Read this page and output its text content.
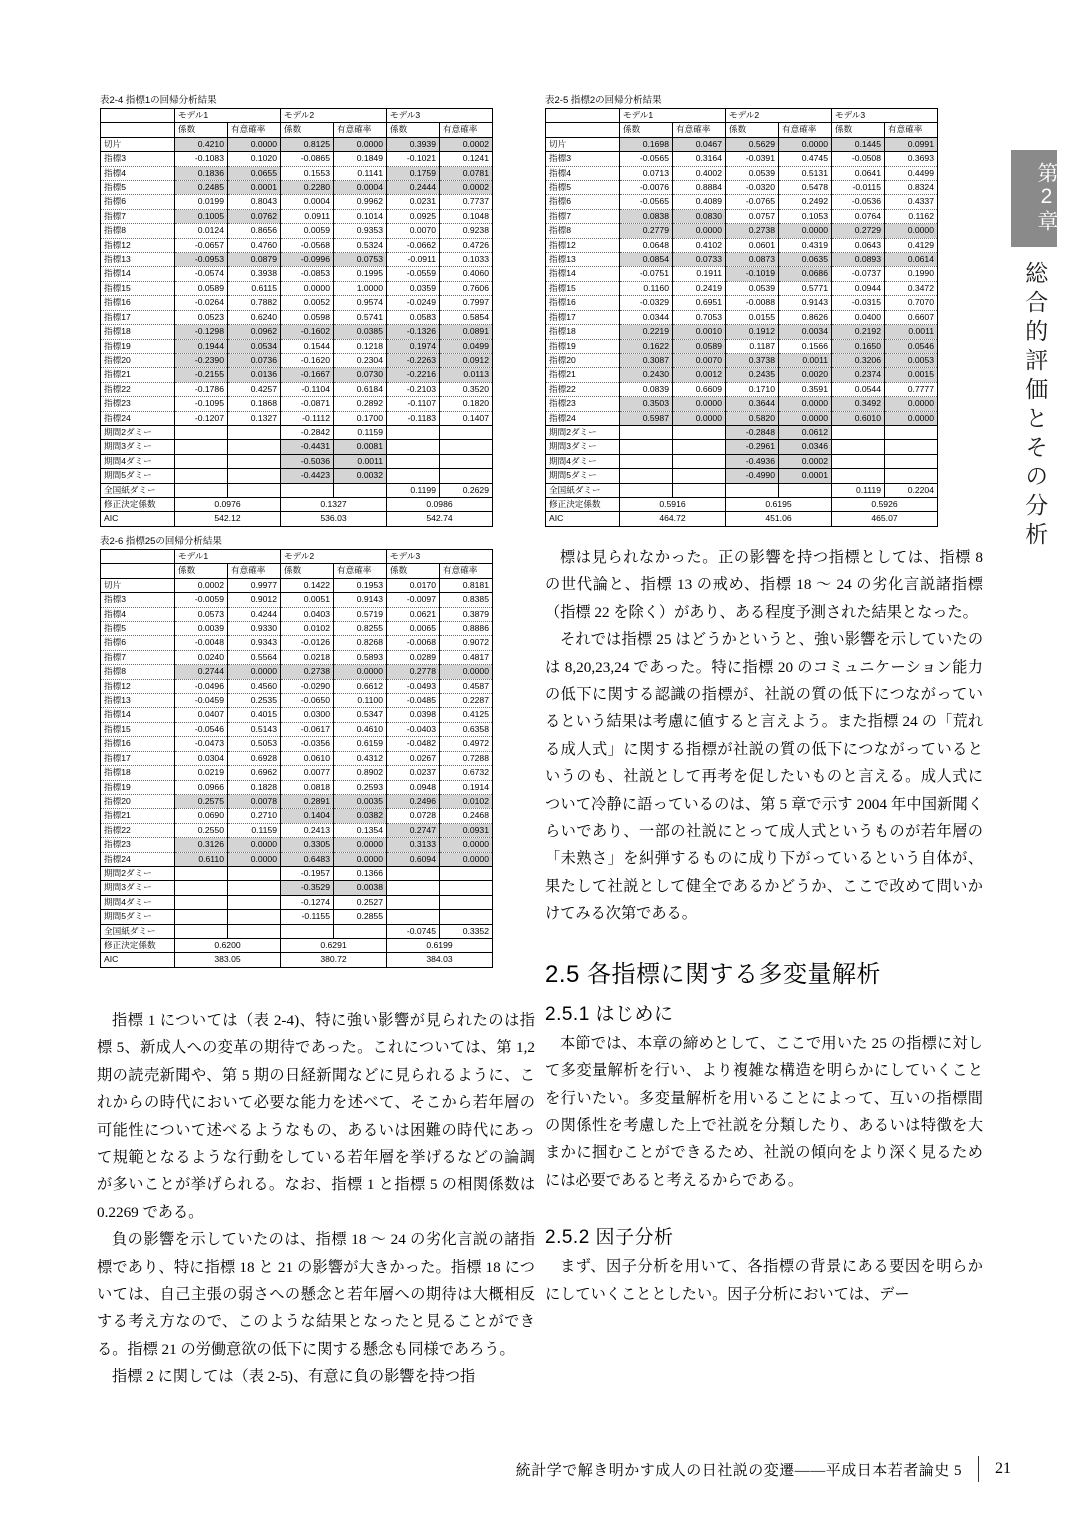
第2章
総合的評価とその分析
表2-4 指標1の回帰分析結果
	モデル1		モデル2		モデル3	
	係数	有意確率	係数	有意確率	係数	有意確率
切片	0.4210	0.0000	0.8125	0.0000	0.3939	0.0002
指標3	-0.1083	0.1020	-0.0865	0.1849	-0.1021	0.1241
指標4	0.1836	0.0655	0.1553	0.1141	0.1759	0.0781
指標5	0.2485	0.0001	0.2280	0.0004	0.2444	0.0002
指標6	0.0199	0.8043	0.0004	0.9962	0.0231	0.7737
指標7	0.1005	0.0762	0.0911	0.1014	0.0925	0.1048
指標8	0.0124	0.8656	0.0059	0.9353	0.0070	0.9238
指標12	-0.0657	0.4760	-0.0568	0.5324	-0.0662	0.4726
指標13	-0.0953	0.0879	-0.0996	0.0753	-0.0911	0.1033
指標14	-0.0574	0.3938	-0.0853	0.1995	-0.0559	0.4060
指標15	0.0589	0.6115	0.0000	1.0000	0.0359	0.7606
指標16	-0.0264	0.7882	0.0052	0.9574	-0.0249	0.7997
指標17	0.0523	0.6240	0.0598	0.5741	0.0583	0.5854
指標18	-0.1298	0.0962	-0.1602	0.0385	-0.1326	0.0891
指標19	0.1944	0.0534	0.1544	0.1218	0.1974	0.0499
指標20	-0.2390	0.0736	-0.1620	0.2304	-0.2263	0.0912
指標21	-0.2155	0.0136	-0.1667	0.0730	-0.2216	0.0113
指標22	-0.1786	0.4257	-0.1104	0.6184	-0.2103	0.3520
指標23	-0.1095	0.1868	-0.0871	0.2892	-0.1107	0.1820
指標24	-0.1207	0.1327	-0.1112	0.1700	-0.1183	0.1407
期間2ダミー			-0.2842	0.1159		
期間3ダミー			-0.4431	0.0081		
期間4ダミー			-0.5036	0.0011		
期間5ダミー			-0.4423	0.0032		
全国紙ダミー					0.1199	0.2629
修正決定係数	0.0976		0.1327		0.0986	
AIC	542.12		536.03		542.74	
表2-5 指標2の回帰分析結果
	モデル1		モデル2		モデル3	
	係数	有意確率	係数	有意確率	係数	有意確率
切片	0.1698	0.0467	0.5629	0.0000	0.1445	0.0991
指標3	-0.0565	0.3164	-0.0391	0.4745	-0.0508	0.3693
指標4	0.0713	0.4002	0.0539	0.5131	0.0641	0.4499
指標5	-0.0076	0.8884	-0.0320	0.5478	-0.0115	0.8324
指標6	-0.0565	0.4089	-0.0765	0.2492	-0.0536	0.4337
指標7	0.0838	0.0830	0.0757	0.1053	0.0764	0.1162
指標8	0.2779	0.0000	0.2738	0.0000	0.2729	0.0000
指標12	0.0648	0.4102	0.0601	0.4319	0.0643	0.4129
指標13	0.0854	0.0733	0.0873	0.0635	0.0893	0.0614
指標14	-0.0751	0.1911	-0.1019	0.0686	-0.0737	0.1990
指標15	0.1160	0.2419	0.0539	0.5771	0.0944	0.3472
指標16	-0.0329	0.6951	-0.0088	0.9143	-0.0315	0.7070
指標17	0.0344	0.7053	0.0155	0.8626	0.0400	0.6607
指標18	0.2219	0.0010	0.1912	0.0034	0.2192	0.0011
指標19	0.1622	0.0589	0.1187	0.1566	0.1650	0.0546
指標20	0.3087	0.0070	0.3738	0.0011	0.3206	0.0053
指標21	0.2430	0.0012	0.2435	0.0020	0.2374	0.0015
指標22	0.0839	0.6609	0.1710	0.3591	0.0544	0.7777
指標23	0.3503	0.0000	0.3644	0.0000	0.3492	0.0000
指標24	0.5987	0.0000	0.5820	0.0000	0.6010	0.0000
期間2ダミー			-0.2848	0.0612		
期間3ダミー			-0.2961	0.0346		
期間4ダミー			-0.4936	0.0002		
期間5ダミー			-0.4990	0.0001		
全国紙ダミー					0.1119	0.2204
修正決定係数	0.5916		0.6195		0.5926	
AIC	464.72		451.06		465.07	
表2-6 指標25の回帰分析結果
	モデル1		モデル2		モデル3	
	係数	有意確率	係数	有意確率	係数	有意確率
切片	0.0002	0.9977	0.1422	0.1953	0.0170	0.8181
指標3	-0.0059	0.9012	0.0051	0.9143	-0.0097	0.8385
指標4	0.0573	0.4244	0.0403	0.5719	0.0621	0.3879
指標5	0.0039	0.9330	0.0102	0.8255	0.0065	0.8886
指標6	-0.0048	0.9343	-0.0126	0.8268	-0.0068	0.9072
指標7	0.0240	0.5564	0.0218	0.5893	0.0289	0.4817
指標8	0.2744	0.0000	0.2738	0.0000	0.2778	0.0000
指標12	-0.0496	0.4560	-0.0290	0.6612	-0.0493	0.4587
指標13	-0.0459	0.2535	-0.0650	0.1100	-0.0485	0.2287
指標14	0.0407	0.4015	0.0300	0.5347	0.0398	0.4125
指標15	-0.0546	0.5143	-0.0617	0.4610	-0.0403	0.6358
指標16	-0.0473	0.5053	-0.0356	0.6159	-0.0482	0.4972
指標17	0.0304	0.6928	0.0610	0.4312	0.0267	0.7288
指標18	0.0219	0.6962	0.0077	0.8902	0.0237	0.6732
指標19	0.0966	0.1828	0.0818	0.2593	0.0948	0.1914
指標20	0.2575	0.0078	0.2891	0.0035	0.2496	0.0102
指標21	0.0690	0.2710	0.1404	0.0382	0.0728	0.2468
指標22	0.2550	0.1159	0.2413	0.1354	0.2747	0.0931
指標23	0.3126	0.0000	0.3305	0.0000	0.3133	0.0000
指標24	0.6110	0.0000	0.6483	0.0000	0.6094	0.0000
期間2ダミー			-0.1957	0.1366		
期間3ダミー			-0.3529	0.0038		
期間4ダミー			-0.1274	0.2527		
期間5ダミー			-0.1155	0.2855		
全国紙ダミー					-0.0745	0.3352
修正決定係数	0.6200		0.6291		0.6199	
AIC	383.05		380.72		384.03	

指標 1 については（表 2-4)、特に強い影響が見られたのは指標 5、新成人への変革の期待であった。これについては、第 1,2 期の読売新聞や、第 5 期の日経新聞などに見られるように、これからの時代において必要な能力を述べて、そこから若年層の可能性について述べるようなもの、あるいは困難の時代にあって規範となるような行動をしている若年層を挙げるなどの論調が多いことが挙げられる。なお、指標 1 と指標 5 の相関係数は 0.2269 である。

負の影響を示していたのは、指標 18 〜 24 の劣化言説の諸指標であり、特に指標 18 と 21 の影響が大きかった。指標 18 については、自己主張の弱さへの懸念と若年層への期待は大概相反する考え方なので、このような結果となったと見ることができる。指標 21 の労働意欲の低下に関する懸念も同様であろう。

指標 2 に関しては（表 2-5)、有意に負の影響を持つ指

標は見られなかった。正の影響を持つ指標としては、指標 8 の世代論と、指標 13 の戒め、指標 18 〜 24 の劣化言説諸指標（指標 22 を除く）があり、ある程度予測された結果となった。

それでは指標 25 はどうかというと、強い影響を示していたのは 8,20,23,24 であった。特に指標 20 のコミュニケーション能力の低下に関する認識の指標が、社説の質の低下につながっているという結果は考慮に値すると言えよう。また指標 24 の「荒れる成人式」に関する指標が社説の質の低下につながっているというのも、社説として再考を促したいものと言える。成人式について冷静に語っているのは、第 5 章で示す 2004 年中国新聞くらいであり、一部の社説にとって成人式というものが若年層の「未熟さ」を糾弾するものに成り下がっているという自体が、果たして社説として健全であるかどうか、ここで改めて問いかけてみる次第である。

2.5 各指標に関する多変量解析
2.5.1 はじめに

本節では、本章の締めとして、ここで用いた 25 の指標に対して多変量解析を行い、より複雑な構造を明らかにしていくことを行いたい。多変量解析を用いることによって、互いの指標間の関係性を考慮した上で社説を分類したり、あるいは特徴を大まかに掴むことができるため、社説の傾向をより深く見るためには必要であると考えるからである。

2.5.2 因子分析

まず、因子分析を用いて、各指標の背景にある要因を明らかにしていくこととしたい。因子分析においては、デー

統計学で解き明かす成人の日社説の変遷――平成日本若者論史 5 21
